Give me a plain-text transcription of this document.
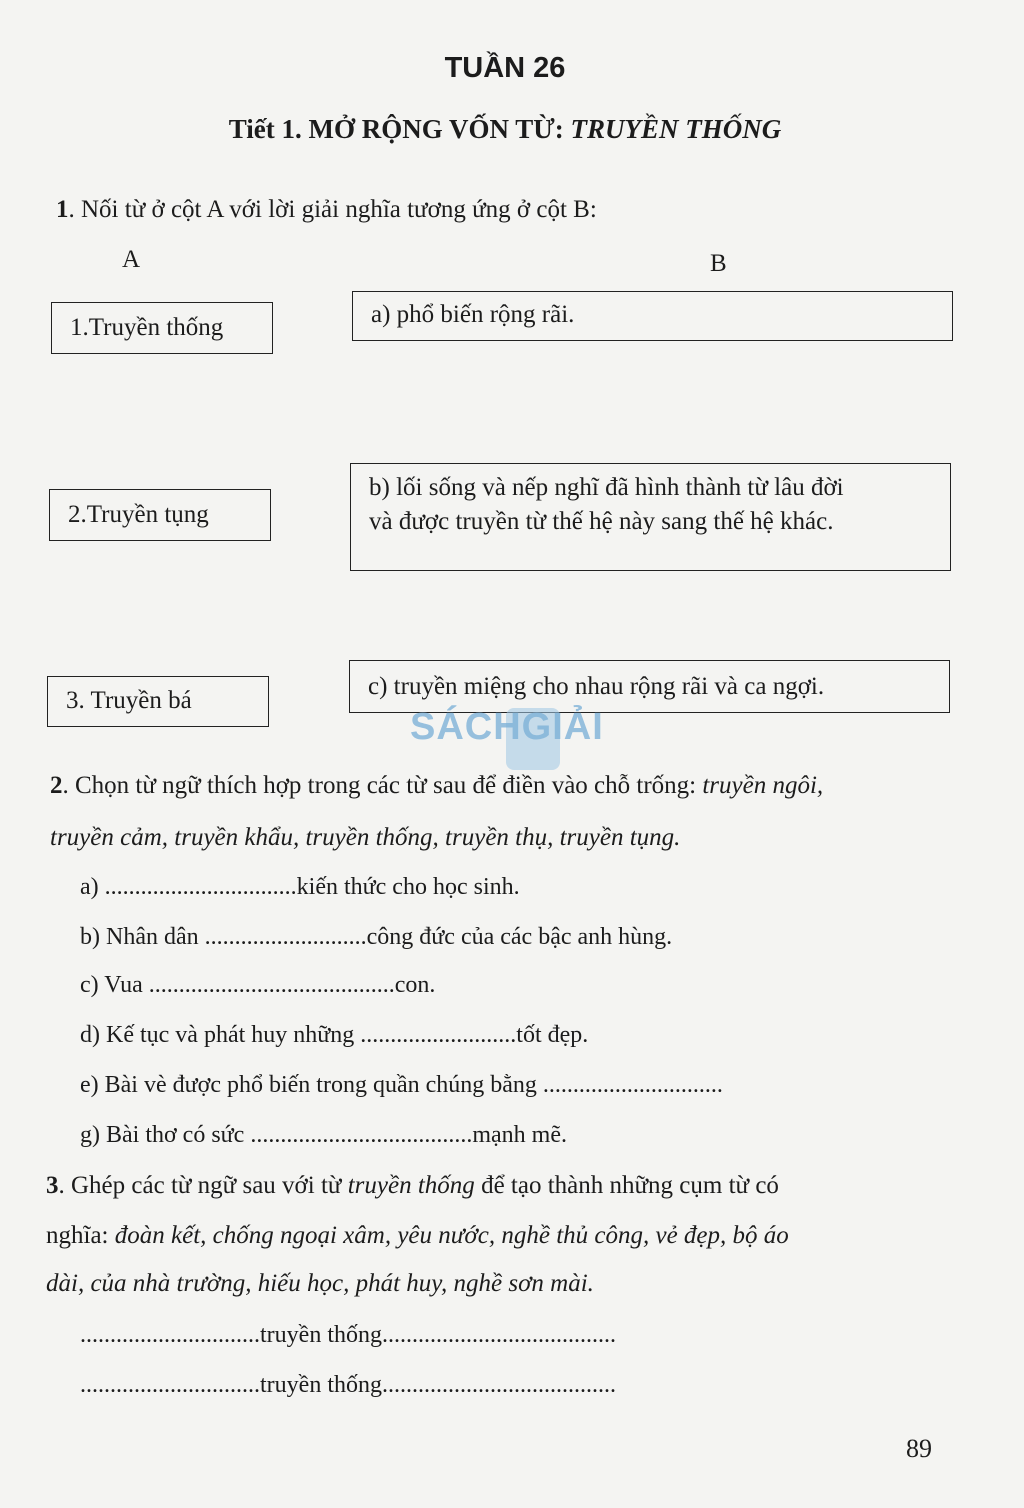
TUẦN 26
Tiết 1. MỞ RỘNG VỐN TỪ: TRUYỀN THỐNG
1. Nối từ ở cột A với lời giải nghĩa tương ứng ở cột B:
A	B
1.Truyền thống
2.Truyền tụng
3. Truyền bá
a) phổ biến rộng rãi.
b) lối sống và nếp nghĩ đã hình thành từ lâu đời
và được truyền từ thế hệ này sang thế hệ khác.
c) truyền miệng cho nhau rộng rãi và ca ngợi.
SÁCHGIẢI
2. Chọn từ ngữ thích hợp trong các từ sau để điền vào chỗ trống: truyền ngôi,
truyền cảm, truyền khẩu, truyền thống, truyền thụ, truyền tụng.
a) ................................kiến thức cho học sinh.
b) Nhân dân ...........................công đức của các bậc anh hùng.
c) Vua .........................................con.
d) Kế tục và phát huy những ..........................tốt đẹp.
e) Bài vè được phổ biến trong quần chúng bằng ..............................
g) Bài thơ có sức .....................................mạnh mẽ.
3. Ghép các từ ngữ sau với từ truyền thống để tạo thành những cụm từ có
nghĩa: đoàn kết, chống ngoại xâm, yêu nước, nghề thủ công, vẻ đẹp, bộ áo
dài, của nhà trường, hiếu học, phát huy, nghề sơn mài.
..............................truyền thống.......................................
..............................truyền thống.......................................
89
